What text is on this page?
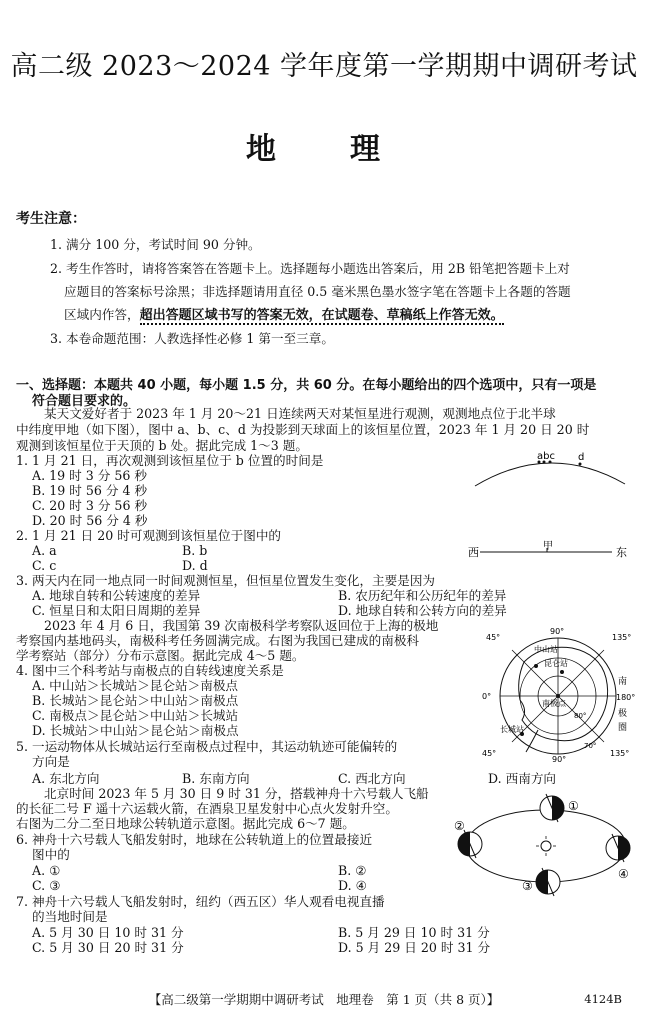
高二级 2023～2024 学年度第一学期期中调研考试
地　理
考生注意：
1. 满分 100 分，考试时间 90 分钟。
2. 考生作答时，请将答案答在答题卡上。选择题每小题选出答案后，用 2B 铅笔把答题卡上对
应题目的答案标号涂黑；非选择题请用直径 0.5 毫米黑色墨水签字笔在答题卡上各题的答题
区域内作答，超出答题区域书写的答案无效，在试题卷、草稿纸上作答无效。
3. 本卷命题范围：人教选择性必修 1 第一至三章。
一、选择题：本题共 40 小题，每小题 1.5 分，共 60 分。在每小题给出的四个选项中，只有一项是
符合题目要求的。
某天文爱好者于 2023 年 1 月 20～21 日连续两天对某恒星进行观测，观测地点位于北半球
中纬度甲地（如下图），图中 a、b、c、d 为投影到天球面上的该恒星位置，2023 年 1 月 20 日 20 时
观测到该恒星位于天顶的 b 处。据此完成 1～3 题。
1. 1 月 21 日，再次观测到该恒星位于 b 位置的时间是
A. 19 时 3 分 56 秒
B. 19 时 56 分 4 秒
C. 20 时 3 分 56 秒
D. 20 时 56 分 4 秒
2. 1 月 21 日 20 时可观测到该恒星位于图中的
A. a	B. b
C. c	D. d
abc d
西	甲	东
3. 两天内在同一地点同一时间观测恒星，但恒星位置发生变化，主要是因为
A. 地球自转和公转速度的差异	B. 农历纪年和公历纪年的差异
C. 恒星日和太阳日周期的差异	D. 地球自转和公转方向的差异
2023 年 4 月 6 日，我国第 39 次南极科学考察队返回位于上海的极地
考察国内基地码头，南极科考任务圆满完成。右图为我国已建成的南极科
学考察站（部分）分布示意图。据此完成 4～5 题。
4. 图中三个科考站与南极点的自转线速度关系是
A. 中山站＞长城站＞昆仑站＞南极点
B. 长城站＞昆仑站＞中山站＞南极点
C. 南极点＞昆仑站＞中山站＞长城站
D. 长城站＞中山站＞昆仑站＞南极点
5. 一运动物体从长城站运行至南极点过程中，其运动轨迹可能偏转的
方向是
A. 东北方向	B. 东南方向	C. 西北方向	D. 西南方向
90°
45°	135°
0°	180°
45°	135°
90°
昆仑站
中山站
南极点
长城站
80°
70°
南
极
圈
北京时间 2023 年 5 月 30 日 9 时 31 分，搭载神舟十六号载人飞船
的长征二号 F 遥十六运载火箭，在酒泉卫星发射中心点火发射升空。
右图为二分二至日地球公转轨道示意图。据此完成 6～7 题。
6. 神舟十六号载人飞船发射时，地球在公转轨道上的位置最接近
图中的
A. ①	B. ②
C. ③	D. ④
7. 神舟十六号载人飞船发射时，纽约（西五区）华人观看电视直播
的当地时间是
A. 5 月 30 日 10 时 31 分	B. 5 月 29 日 10 时 31 分
C. 5 月 30 日 20 时 31 分	D. 5 月 29 日 20 时 31 分
①
②
③
④
【高二级第一学期期中调研考试　地理卷　第 1 页（共 8 页）】	4124B
